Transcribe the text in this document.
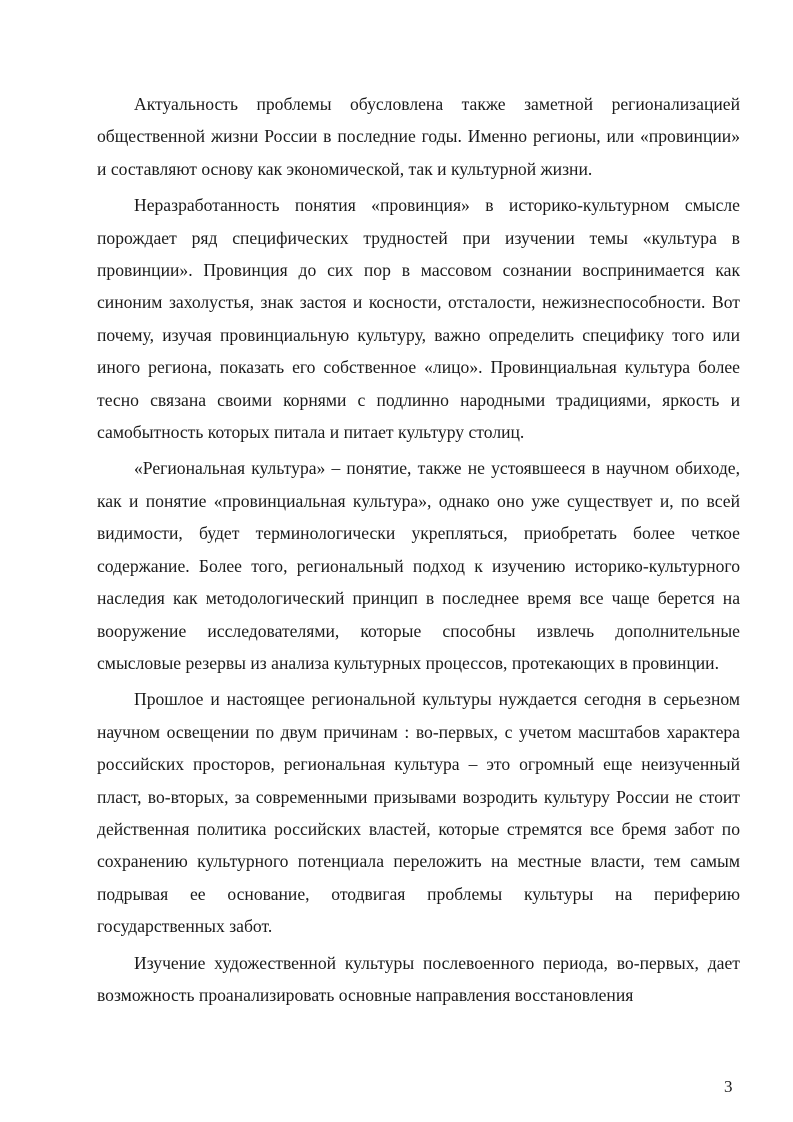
Актуальность проблемы обусловлена также заметной регионализацией общественной жизни России в последние годы. Именно регионы, или «провинции» и составляют основу как экономической, так и культурной жизни.

Неразработанность понятия «провинция» в историко-культурном смысле порождает ряд специфических трудностей при изучении темы «культура в провинции». Провинция до сих пор в массовом сознании воспринимается как синоним захолустья, знак застоя и косности, отсталости, нежизнеспособности. Вот почему, изучая провинциальную культуру, важно определить специфику того или иного региона, показать его собственное «лицо». Провинциальная культура более тесно связана своими корнями с подлинно народными традициями, яркость и самобытность которых питала и питает культуру столиц.

«Региональная культура» – понятие, также не устоявшееся в научном обиходе, как и понятие «провинциальная культура», однако оно уже существует и, по всей видимости, будет терминологически укрепляться, приобретать более четкое содержание. Более того, региональный подход к изучению историко-культурного наследия как методологический принцип в последнее время все чаще берется на вооружение исследователями, которые способны извлечь дополнительные смысловые резервы из анализа культурных процессов, протекающих в провинции.

Прошлое и настоящее региональной культуры нуждается сегодня в серьезном научном освещении по двум причинам : во-первых, с учетом масштабов характера российских просторов, региональная культура – это огромный еще неизученный пласт, во-вторых, за современными призывами возродить культуру России не стоит действенная политика российских властей, которые стремятся все бремя забот по сохранению культурного потенциала переложить на местные власти, тем самым подрывая ее основание, отодвигая проблемы культуры на периферию государственных забот.

Изучение художественной культуры послевоенного периода, во-первых, дает возможность проанализировать основные направления восстановления

3
